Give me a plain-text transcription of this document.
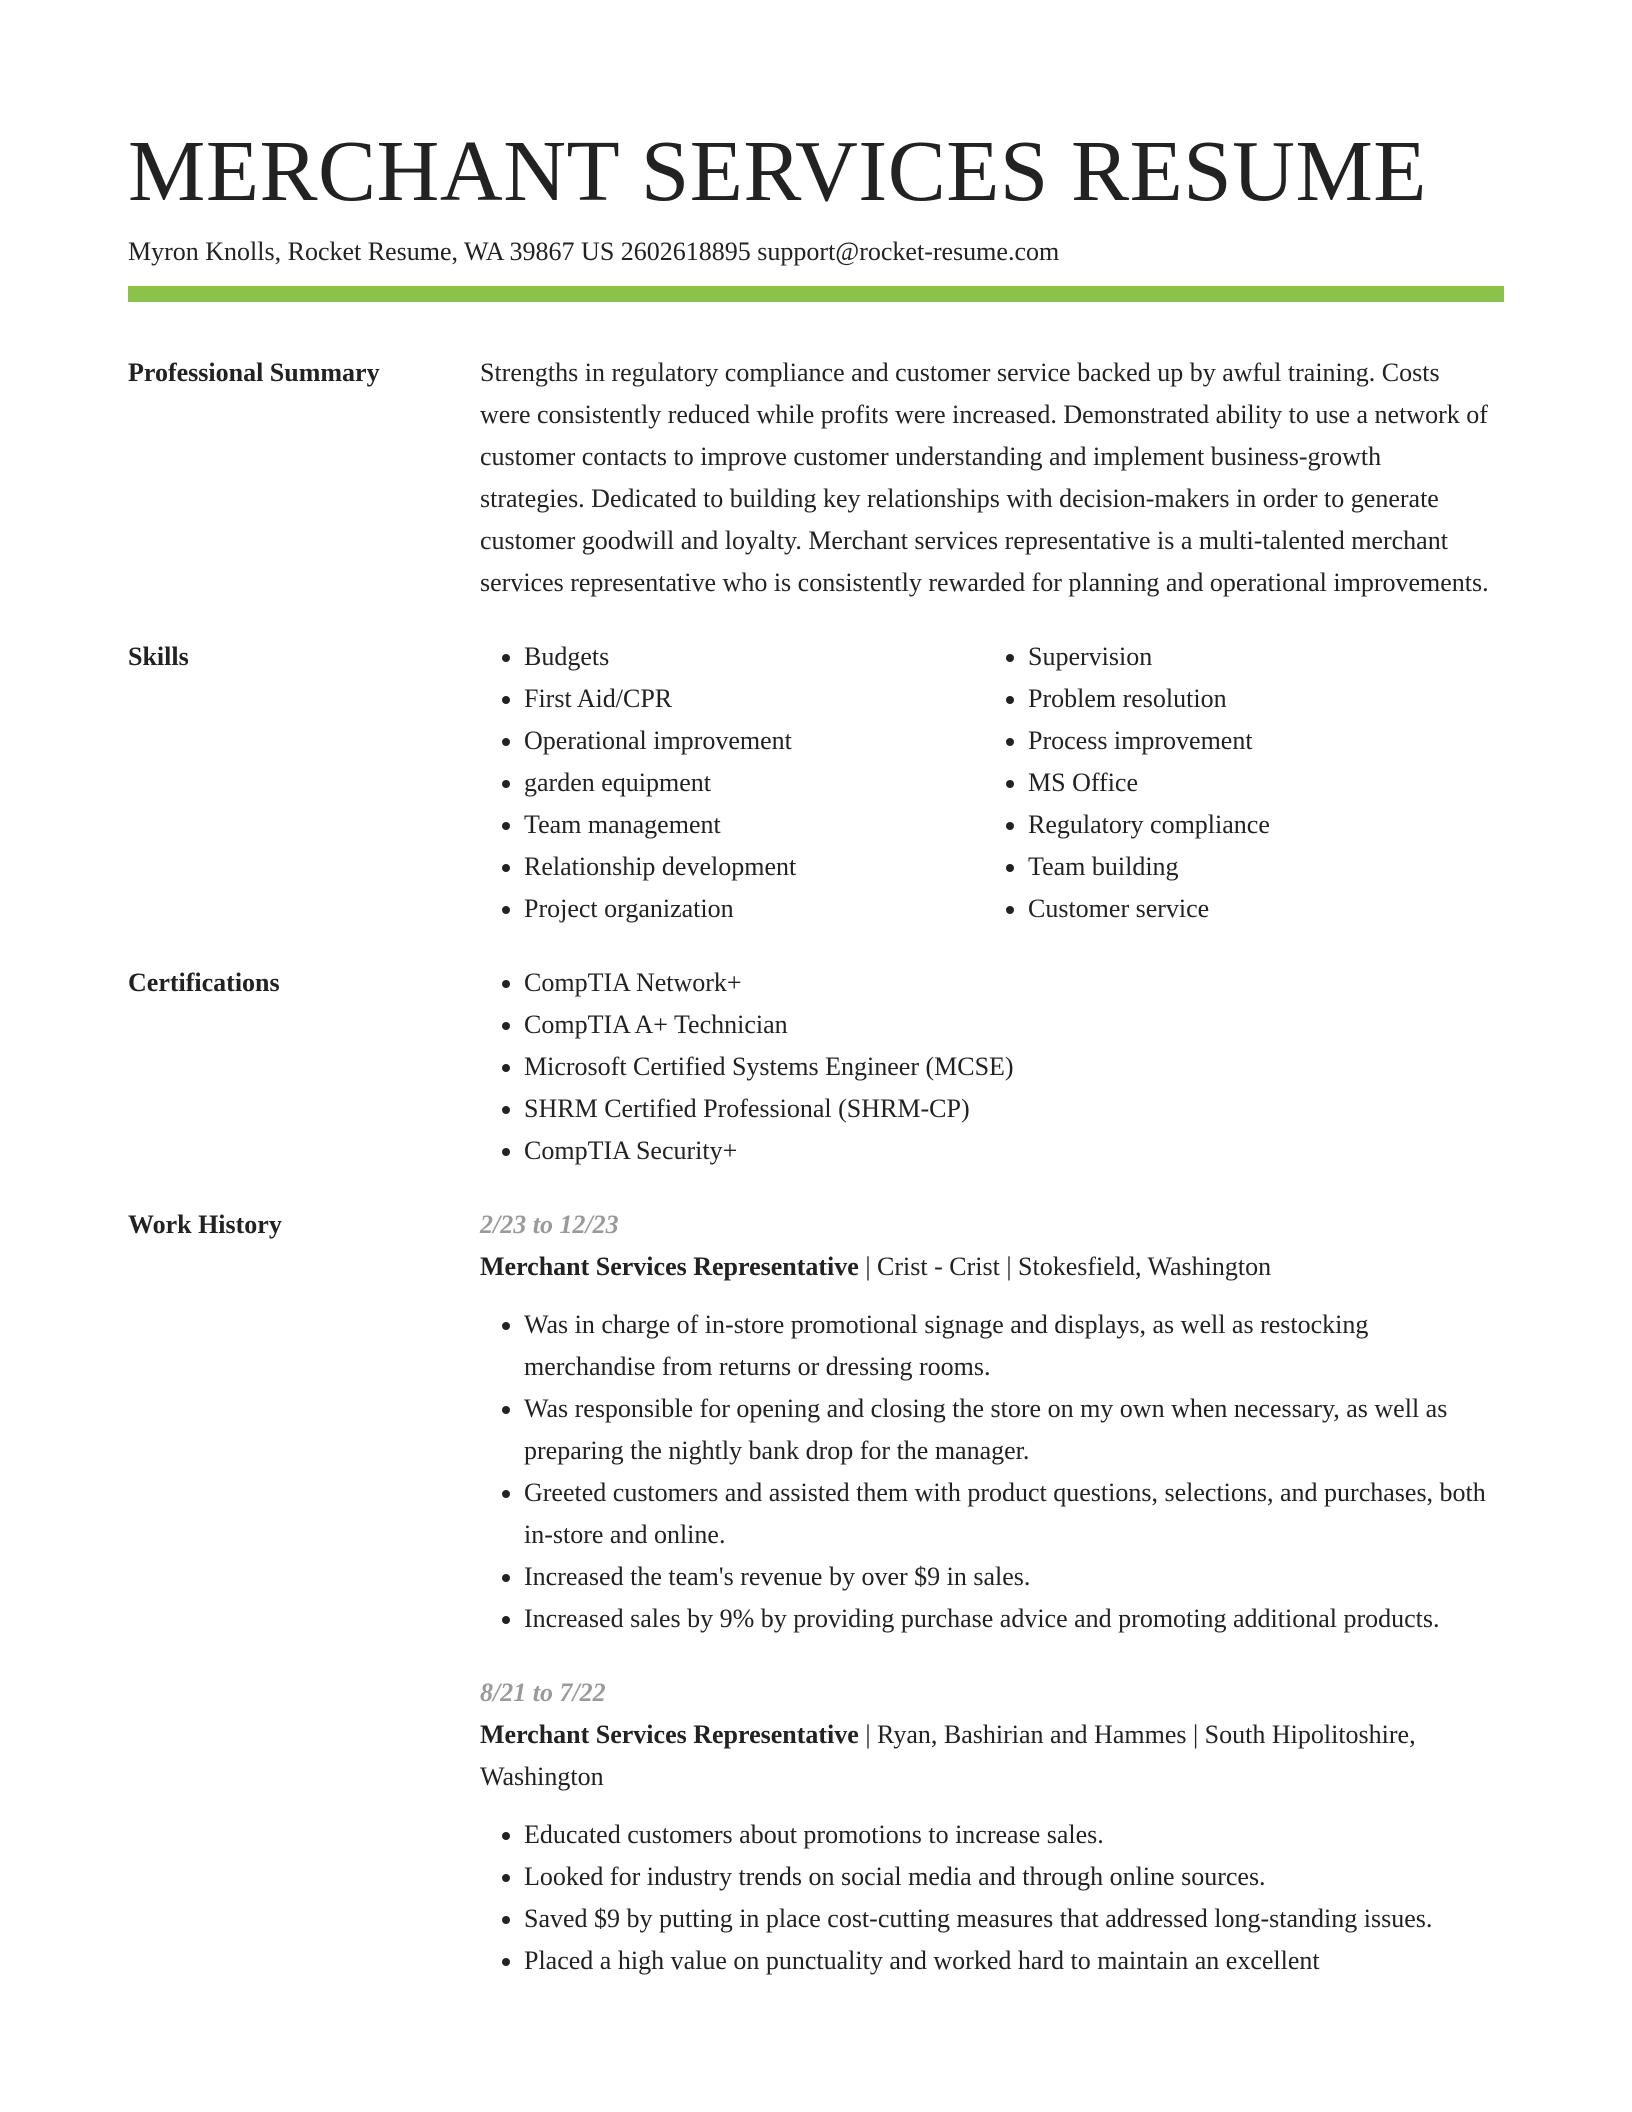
MERCHANT SERVICES RESUME
Myron Knolls, Rocket Resume, WA 39867 US 2602618895 support@rocket-resume.com
Professional Summary	Strengths in regulatory compliance and customer service backed up by awful training. Costs were consistently reduced while profits were increased. Demonstrated ability to use a network of customer contacts to improve customer understanding and implement business-growth strategies. Dedicated to building key relationships with decision-makers in order to generate customer goodwill and loyalty. Merchant services representative is a multi-talented merchant services representative who is consistently rewarded for planning and operational improvements.
Skills	• Budgets
• First Aid/CPR
• Operational improvement
• garden equipment
• Team management
• Relationship development
• Project organization
• Supervision
• Problem resolution
• Process improvement
• MS Office
• Regulatory compliance
• Team building
• Customer service
Certifications	• CompTIA Network+
• CompTIA A+ Technician
• Microsoft Certified Systems Engineer (MCSE)
• SHRM Certified Professional (SHRM-CP)
• CompTIA Security+
Work History	2/23 to 12/23
Merchant Services Representative | Crist - Crist | Stokesfield, Washington
• Was in charge of in-store promotional signage and displays, as well as restocking merchandise from returns or dressing rooms.
• Was responsible for opening and closing the store on my own when necessary, as well as preparing the nightly bank drop for the manager.
• Greeted customers and assisted them with product questions, selections, and purchases, both in-store and online.
• Increased the team's revenue by over $9 in sales.
• Increased sales by 9% by providing purchase advice and promoting additional products.
8/21 to 7/22
Merchant Services Representative | Ryan, Bashirian and Hammes | South Hipolitoshire, Washington
• Educated customers about promotions to increase sales.
• Looked for industry trends on social media and through online sources.
• Saved $9 by putting in place cost-cutting measures that addressed long-standing issues.
• Placed a high value on punctuality and worked hard to maintain an excellent
